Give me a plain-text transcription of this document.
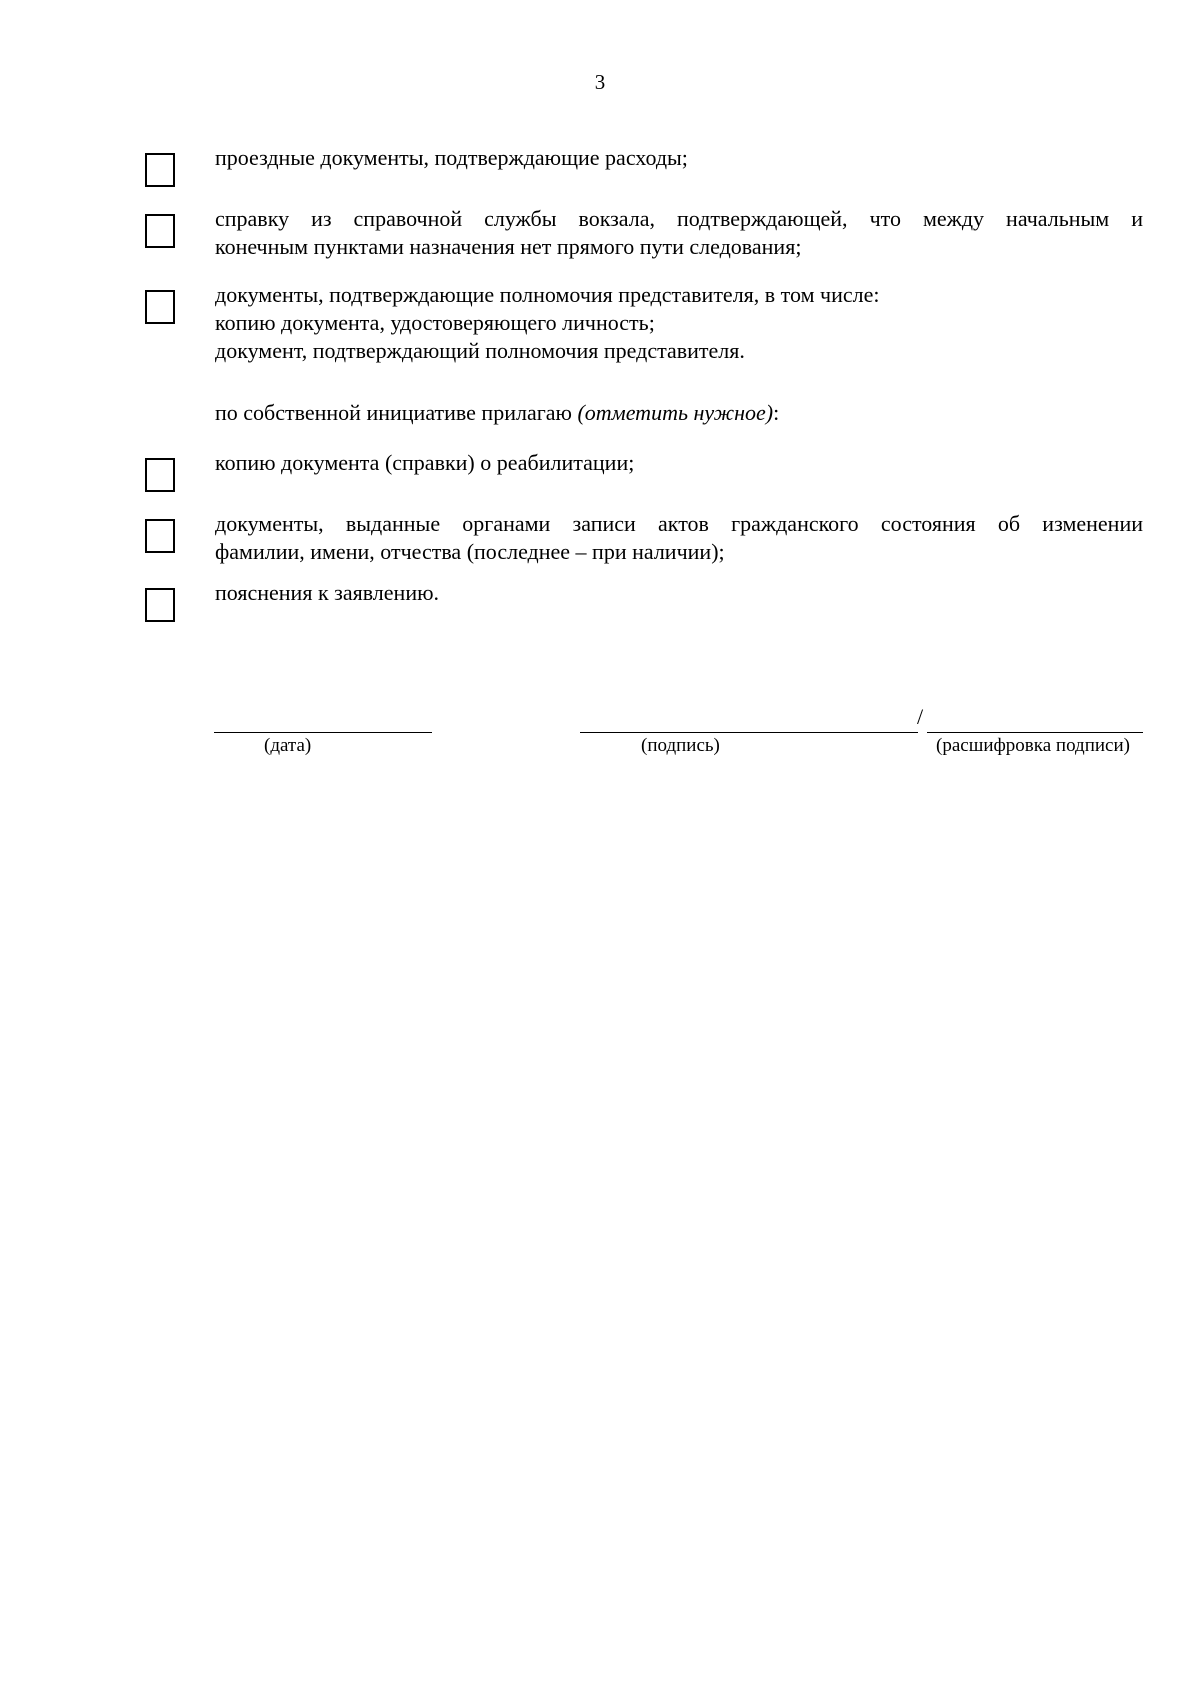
3
проездные документы, подтверждающие расходы;
справку из справочной службы вокзала, подтверждающей, что между начальным и
конечным пунктами назначения нет прямого пути следования;
документы, подтверждающие полномочия представителя, в том числе:
копию документа, удостоверяющего личность;
документ, подтверждающий полномочия представителя.
по собственной инициативе прилагаю (отметить нужное):
копию документа (справки) о реабилитации;
документы, выданные органами записи актов гражданского состояния об изменении
фамилии, имени, отчества (последнее – при наличии);
пояснения к заявлению.
(дата)	(подпись)
/
(расшифровка подписи)
